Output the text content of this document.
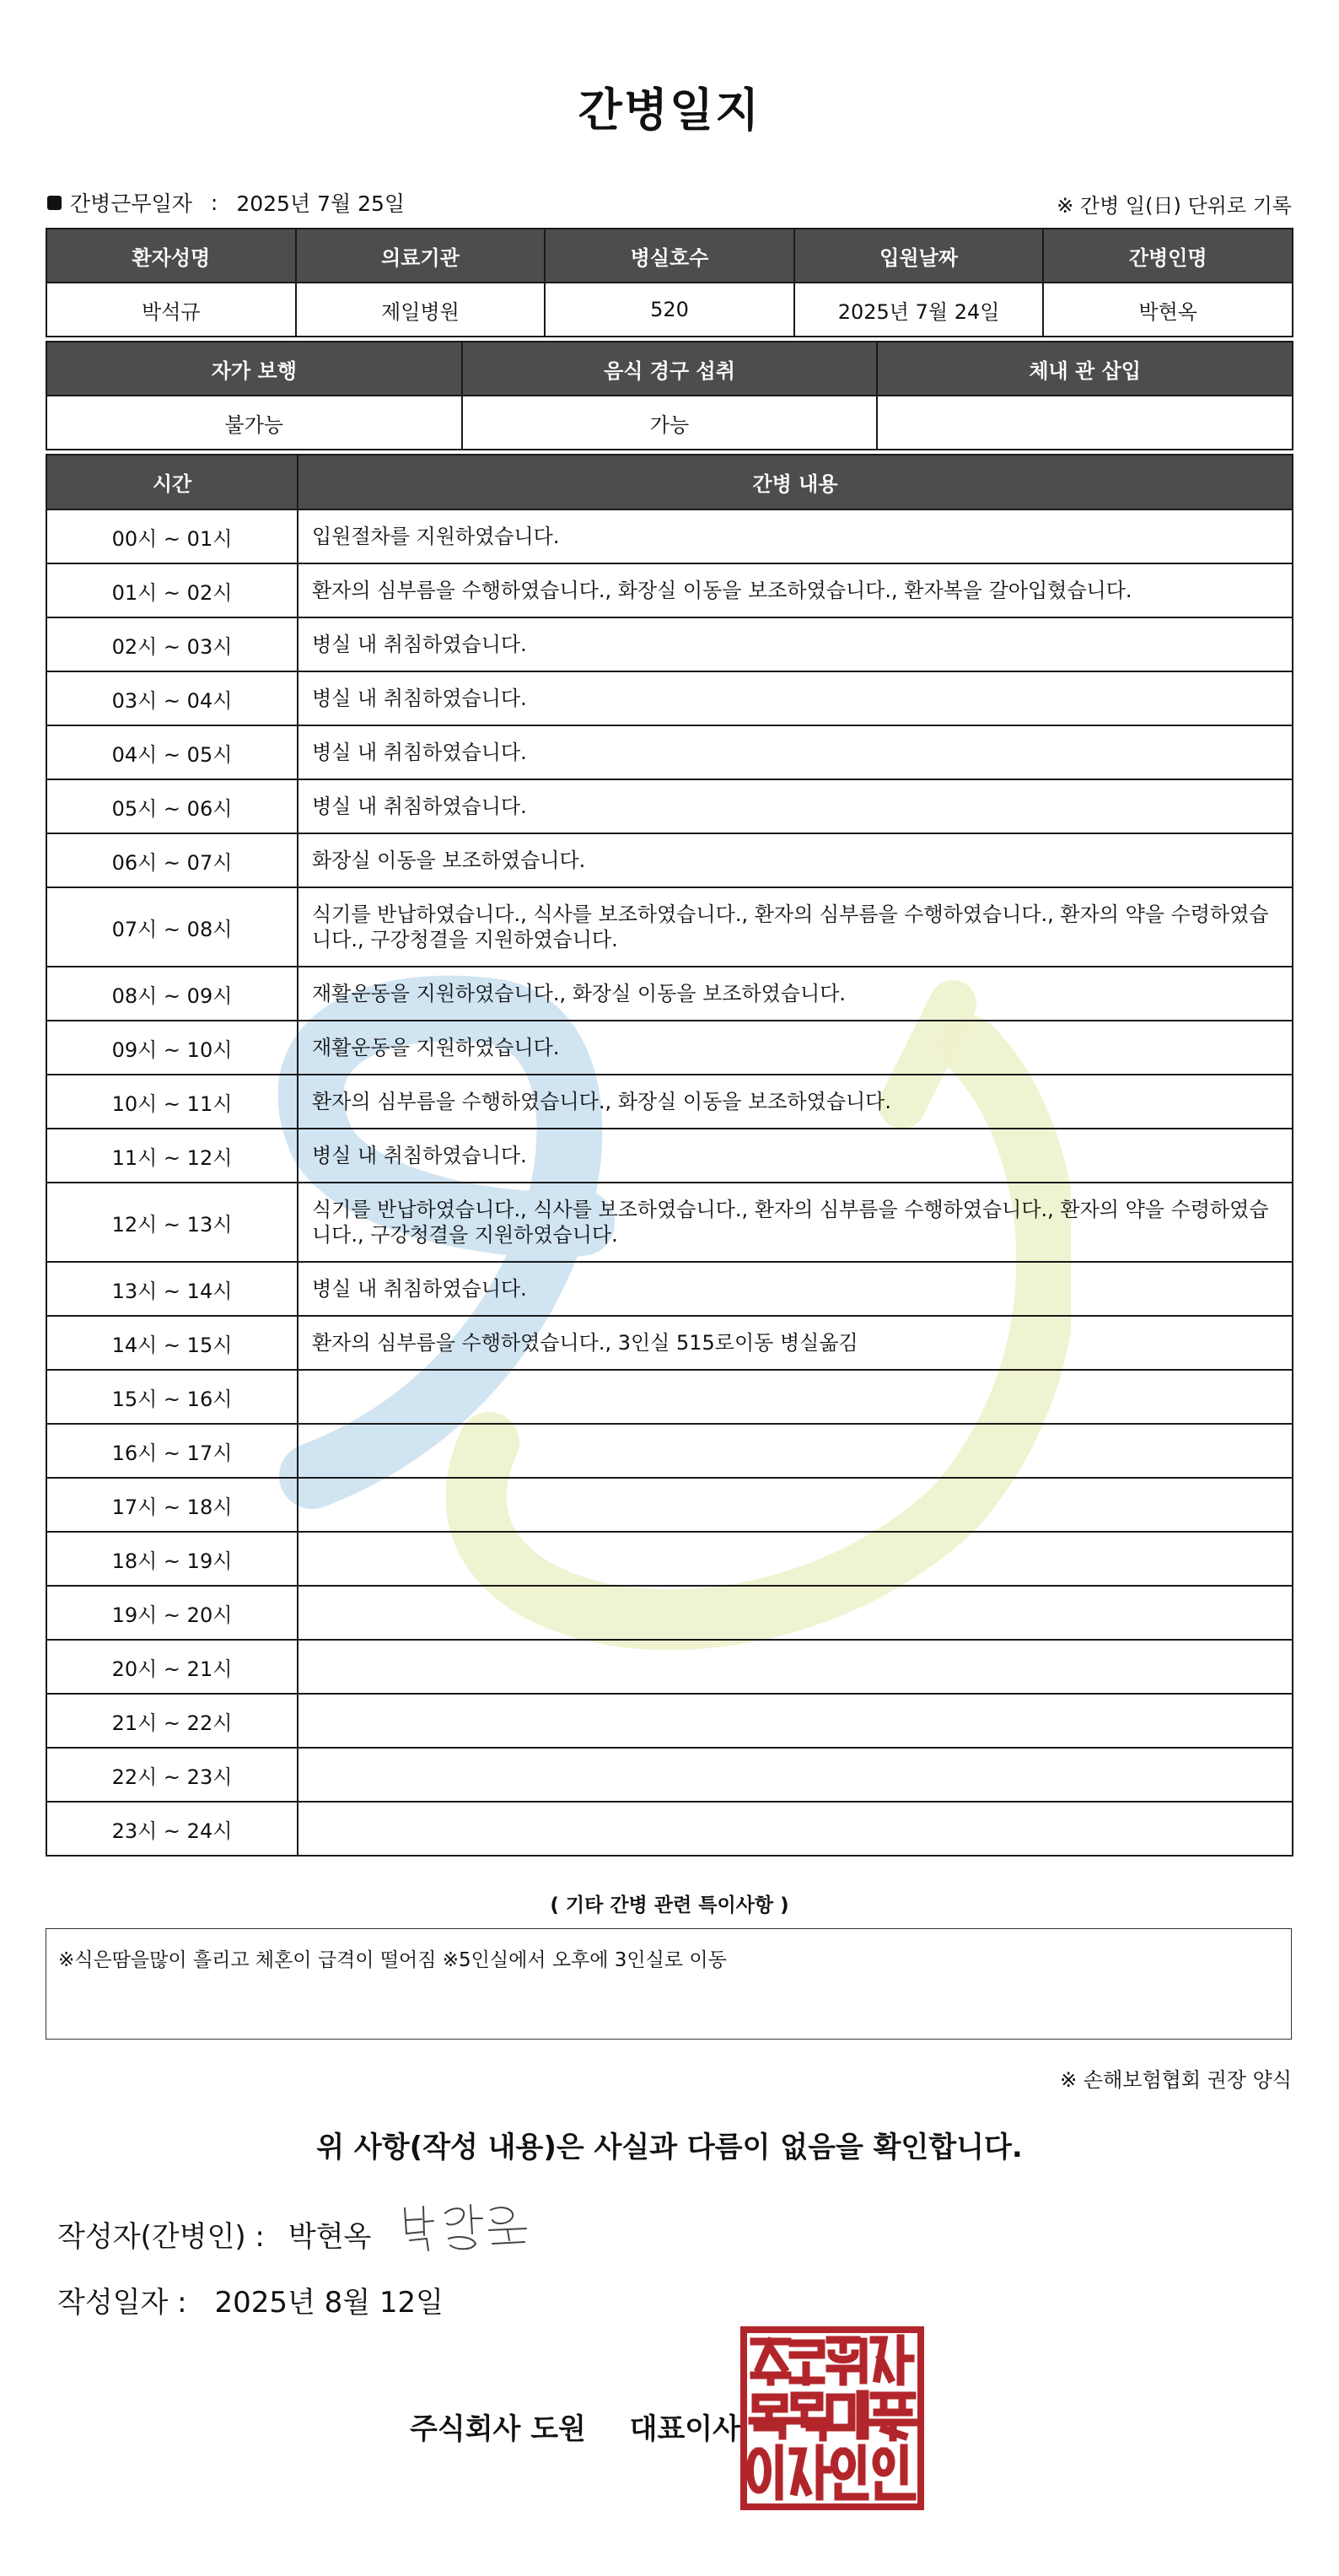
간병일지
간병근무일자 : 2025년 7월 25일	※ 간병 일(日) 단위로 기록
환자성명	의료기관	병실호수	입원날짜	간병인명
박석규	제일병원	520	2025년 7월 24일	박현옥
자가 보행	음식 경구 섭취	체내 관 삽입
불가능	가능	
시간	간병 내용
00시 ~ 01시	입원절차를 지원하였습니다.
01시 ~ 02시	환자의 심부름을 수행하였습니다., 화장실 이동을 보조하였습니다., 환자복을 갈아입혔습니다.
02시 ~ 03시	병실 내 취침하였습니다.
03시 ~ 04시	병실 내 취침하였습니다.
04시 ~ 05시	병실 내 취침하였습니다.
05시 ~ 06시	병실 내 취침하였습니다.
06시 ~ 07시	화장실 이동을 보조하였습니다.
07시 ~ 08시	식기를 반납하였습니다., 식사를 보조하였습니다., 환자의 심부름을 수행하였습니다., 환자의 약을 수령하였습니다., 구강청결을 지원하였습니다.
08시 ~ 09시	재활운동을 지원하였습니다., 화장실 이동을 보조하였습니다.
09시 ~ 10시	재활운동을 지원하였습니다.
10시 ~ 11시	환자의 심부름을 수행하였습니다., 화장실 이동을 보조하였습니다.
11시 ~ 12시	병실 내 취침하였습니다.
12시 ~ 13시	식기를 반납하였습니다., 식사를 보조하였습니다., 환자의 심부름을 수행하였습니다., 환자의 약을 수령하였습니다., 구강청결을 지원하였습니다.
13시 ~ 14시	병실 내 취침하였습니다.
14시 ~ 15시	환자의 심부름을 수행하였습니다., 3인실 515로이동 병실옮김
15시 ~ 16시	
16시 ~ 17시	
17시 ~ 18시	
18시 ~ 19시	
19시 ~ 20시	
20시 ~ 21시	
21시 ~ 22시	
22시 ~ 23시	
23시 ~ 24시	
( 기타 간병 관련 특이사항 )
※식은땀을많이 흘리고 체혼이 급격이 떨어짐 ※5인실에서 오후에 3인실로 이동
※ 손해보험협회 권장 양식
위 사항(작성 내용)은 사실과 다름이 없음을 확인합니다.
작성자(간병인) : 박현옥
작성일자 : 2025년 8월 12일
주식회사 도원 대표이사
